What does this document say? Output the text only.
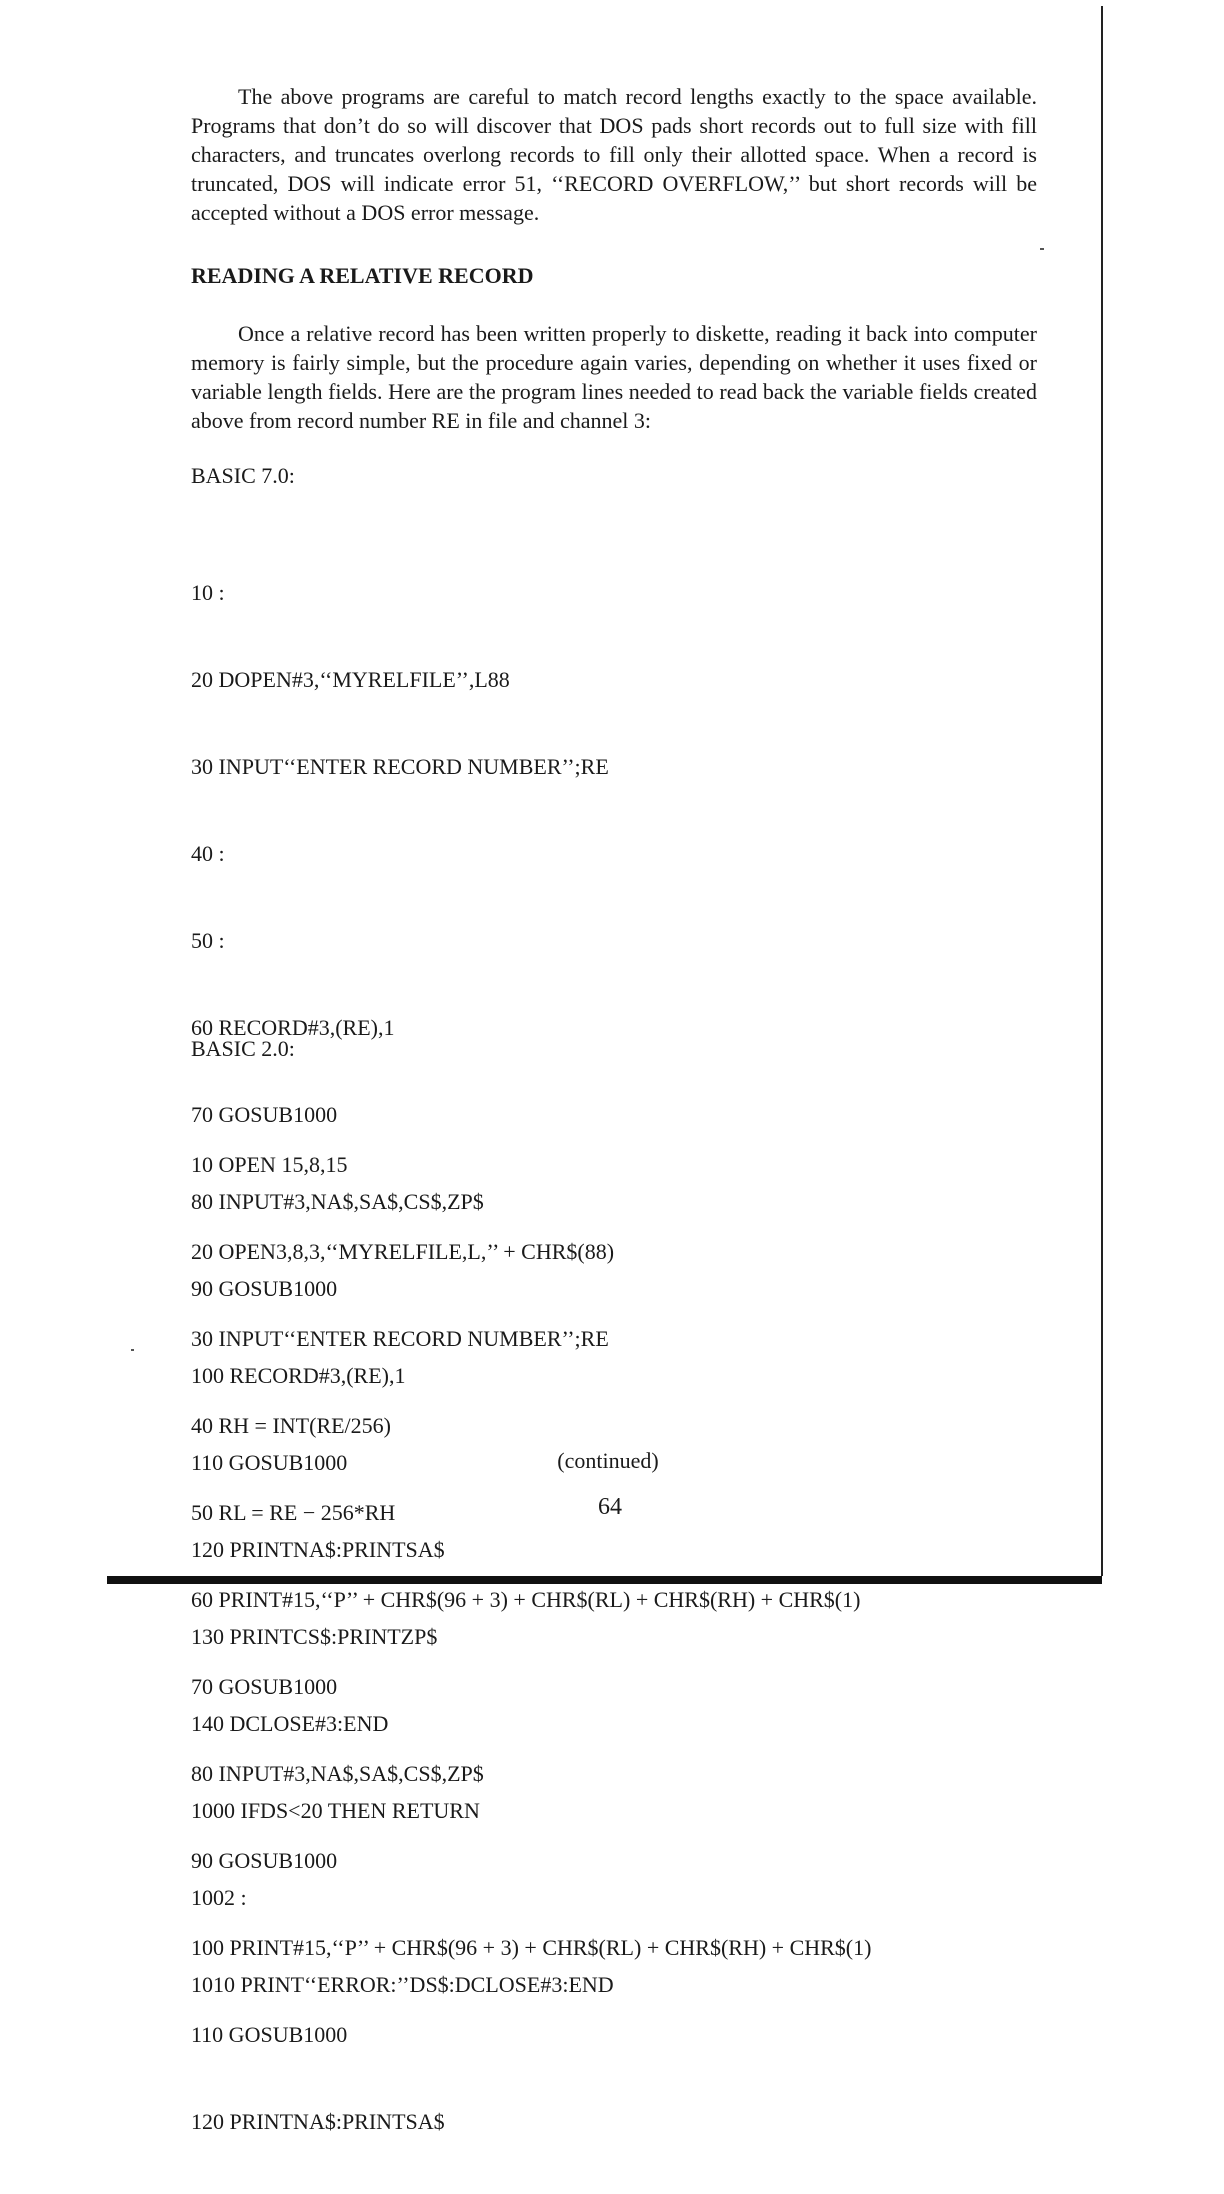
The above programs are careful to match record lengths exactly to the space available. Programs that don’t do so will discover that DOS pads short records out to full size with fill characters, and truncates overlong records to fill only their allotted space. When a record is truncated, DOS will indicate error 51, ‘‘RECORD OVERFLOW,’’ but short records will be accepted without a DOS error message.

READING A RELATIVE RECORD

Once a relative record has been written properly to diskette, reading it back into computer memory is fairly simple, but the procedure again varies, depending on whether it uses fixed or variable length fields. Here are the program lines needed to read back the variable fields created above from record number RE in file and channel 3:

BASIC 7.0:

10 :

20 DOPEN#3,‘‘MYRELFILE’’,L88

30 INPUT‘‘ENTER RECORD NUMBER’’;RE

40 :

50 :

60 RECORD#3,(RE),1

70 GOSUB1000

80 INPUT#3,NA$,SA$,CS$,ZP$

90 GOSUB1000

100 RECORD#3,(RE),1

110 GOSUB1000

120 PRINTNA$:PRINTSA$

130 PRINTCS$:PRINTZP$

140 DCLOSE#3:END

1000 IFDS<20 THEN RETURN

1002 :

1010 PRINT‘‘ERROR:’’DS$:DCLOSE#3:END

BASIC 2.0:

10 OPEN 15,8,15

20 OPEN3,8,3,‘‘MYRELFILE,L,’’ + CHR$(88)

30 INPUT‘‘ENTER RECORD NUMBER’’;RE

40 RH = INT(RE/256)

50 RL = RE − 256*RH

60 PRINT#15,‘‘P’’ + CHR$(96 + 3) + CHR$(RL) + CHR$(RH) + CHR$(1)

70 GOSUB1000

80 INPUT#3,NA$,SA$,CS$,ZP$

90 GOSUB1000

100 PRINT#15,‘‘P’’ + CHR$(96 + 3) + CHR$(RL) + CHR$(RH) + CHR$(1)

110 GOSUB1000

120 PRINTNA$:PRINTSA$

(continued)

64
